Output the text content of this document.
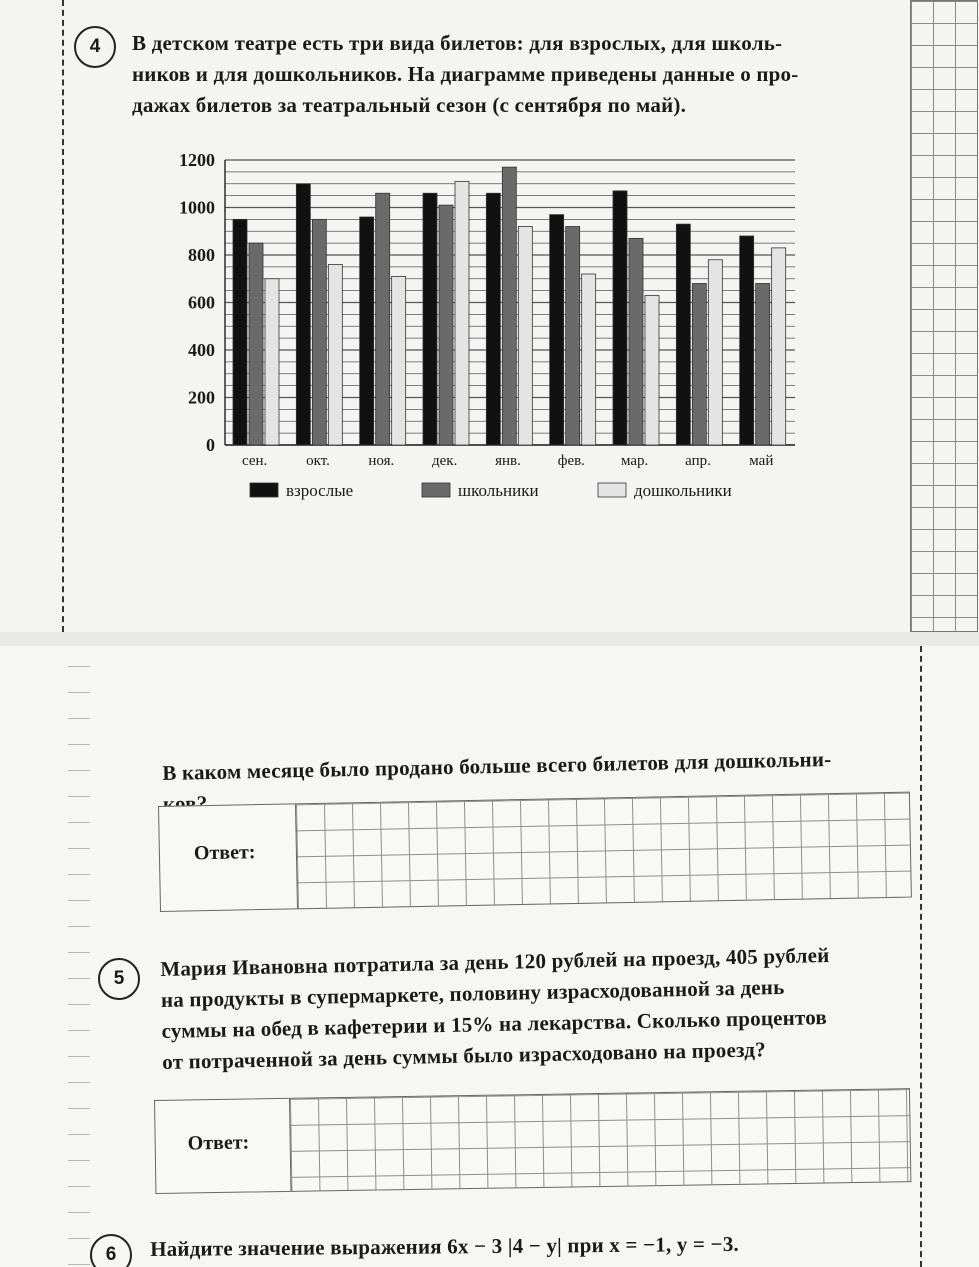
4	В детском театре есть три вида билетов: для взрослых, для школь-
ников и для дошкольников. На диаграмме приведены данные о про-
дажах билетов за театральный сезон (с сентября по май).
0
200
400
600
800
1000
1200
сен.	окт.	ноя.	дек.	янв. фев. мар. апр.	май
взрослые	школьники	дошкольники
В каком месяце было продано больше всего билетов для дошкольни-
ков?
Ответ:
5	Мария Ивановна потратила за день 120 рублей на проезд, 405 рублей
на продукты в супермаркете, половину израсходованной за день
суммы на обед в кафетерии и 15% на лекарства. Сколько процентов
от потраченной за день суммы было израсходовано на проезд?
Ответ:
6	Найдите значение выражения 6x − 3 |4 − y| при x = −1, y = −3.
